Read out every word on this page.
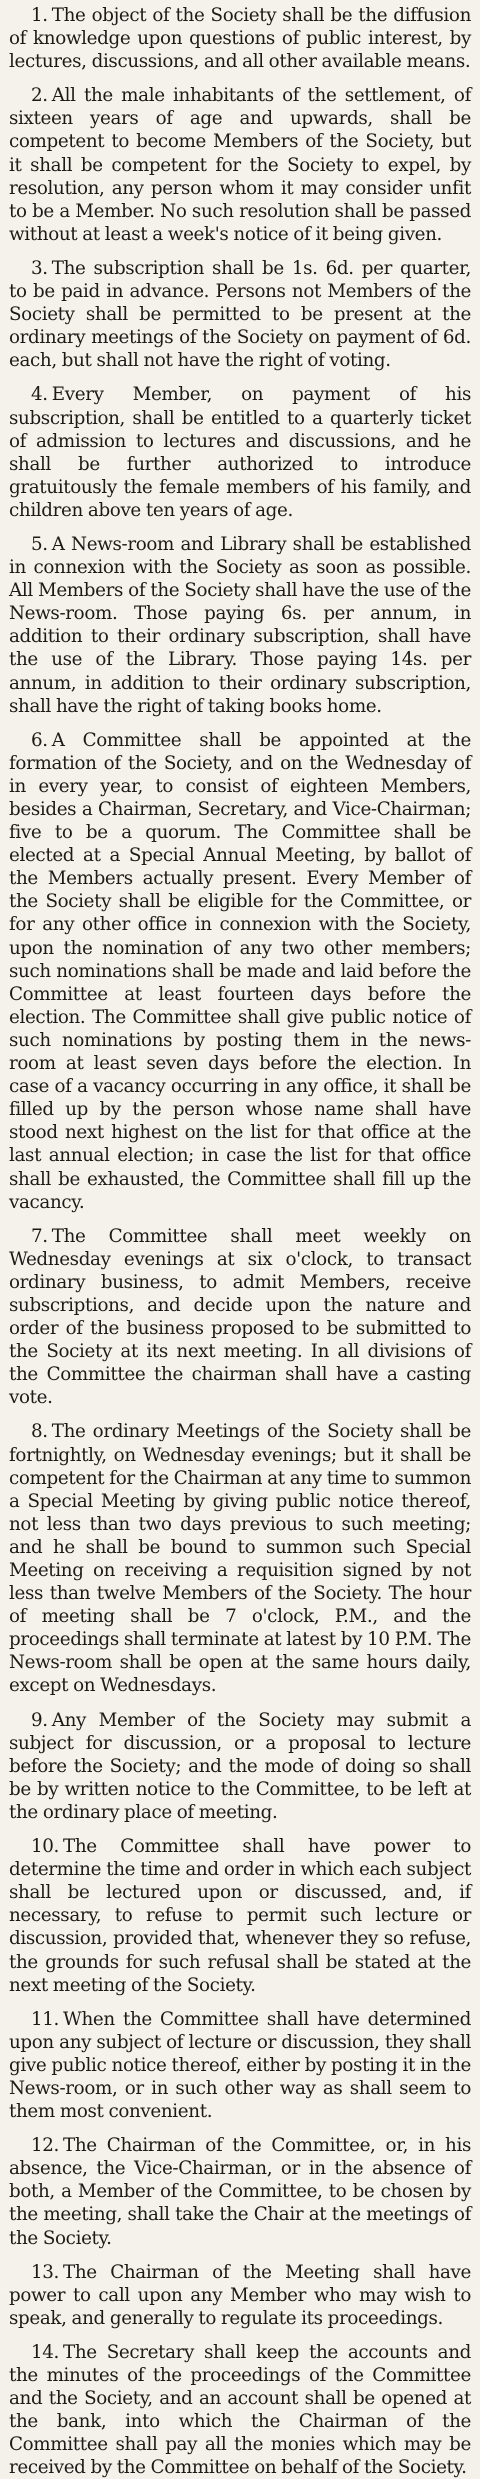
1. The object of the Society shall be the diffusion of knowledge upon questions of public interest, by lectures, discussions, and all other available means.

2. All the male inhabitants of the settlement, of sixteen years of age and upwards, shall be competent to become Members of the Society, but it shall be competent for the Society to expel, by resolution, any person whom it may consider unfit to be a Member. No such resolution shall be passed without at least a week's notice of it being given.

3. The subscription shall be 1s. 6d. per quarter, to be paid in advance. Persons not Members of the Society shall be permitted to be present at the ordinary meetings of the Society on payment of 6d. each, but shall not have the right of voting.

4. Every Member, on payment of his subscription, shall be entitled to a quarterly ticket of admission to lectures and discussions, and he shall be further authorized to introduce gratuitously the female members of his family, and children above ten years of age.

5. A News-room and Library shall be established in connexion with the Society as soon as possible. All Members of the Society shall have the use of the News-room. Those paying 6s. per annum, in addition to their ordinary subscription, shall have the use of the Library. Those paying 14s. per annum, in addition to their ordinary subscription, shall have the right of taking books home.

6. A Committee shall be appointed at the formation of the Society, and on the Wednesday of in every year, to consist of eighteen Members, besides a Chairman, Secretary, and Vice-Chairman; five to be a quorum. The Committee shall be elected at a Special Annual Meeting, by ballot of the Members actually present. Every Member of the Society shall be eligible for the Committee, or for any other office in connexion with the Society, upon the nomination of any two other members; such nominations shall be made and laid before the Committee at least fourteen days before the election. The Committee shall give public notice of such nominations by posting them in the news-room at least seven days before the election. In case of a vacancy occurring in any office, it shall be filled up by the person whose name shall have stood next highest on the list for that office at the last annual election; in case the list for that office shall be exhausted, the Committee shall fill up the vacancy.

7. The Committee shall meet weekly on Wednesday evenings at six o'clock, to transact ordinary business, to admit Members, receive subscriptions, and decide upon the nature and order of the business proposed to be submitted to the Society at its next meeting. In all divisions of the Committee the chairman shall have a casting vote.

8. The ordinary Meetings of the Society shall be fortnightly, on Wednesday evenings; but it shall be competent for the Chairman at any time to summon a Special Meeting by giving public notice thereof, not less than two days previous to such meeting; and he shall be bound to summon such Special Meeting on receiving a requisition signed by not less than twelve Members of the Society. The hour of meeting shall be 7 o'clock, P.M., and the proceedings shall terminate at latest by 10 P.M. The News-room shall be open at the same hours daily, except on Wednesdays.

9. Any Member of the Society may submit a subject for discussion, or a proposal to lecture before the Society; and the mode of doing so shall be by written notice to the Committee, to be left at the ordinary place of meeting.

10. The Committee shall have power to determine the time and order in which each subject shall be lectured upon or discussed, and, if necessary, to refuse to permit such lecture or discussion, provided that, whenever they so refuse, the grounds for such refusal shall be stated at the next meeting of the Society.

11. When the Committee shall have determined upon any subject of lecture or discussion, they shall give public notice thereof, either by posting it in the News-room, or in such other way as shall seem to them most convenient.

12. The Chairman of the Committee, or, in his absence, the Vice-Chairman, or in the absence of both, a Member of the Committee, to be chosen by the meeting, shall take the Chair at the meetings of the Society.

13. The Chairman of the Meeting shall have power to call upon any Member who may wish to speak, and generally to regulate its proceedings.

14. The Secretary shall keep the accounts and the minutes of the proceedings of the Committee and the Society, and an account shall be opened at the bank, into which the Chairman of the Committee shall pay all the monies which may be received by the Committee on behalf of the Society.
